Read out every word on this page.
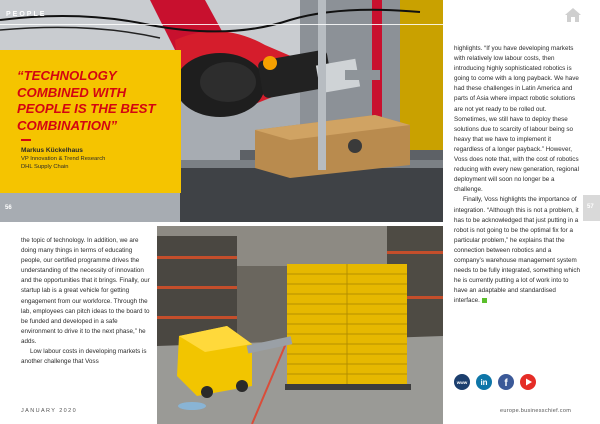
PEOPLE
“TECHNOLOGY COMBINED WITH PEOPLE IS THE BEST COMBINATION”
Markus Kückelhaus
VP Innovation & Trend Research
DHL Supply Chain
56	57

highlights. “If you have developing markets with relatively low labour costs, then introducing highly sophisticated robotics is going to come with a long payback. We have had these challenges in Latin America and parts of Asia where impact robotic solutions are not yet ready to be rolled out. Sometimes, we still have to deploy these solutions due to scarcity of labour being so heavy that we have to implement it regardless of a longer payback.” However, Voss does note that, with the cost of robotics reducing with every new generation, regional deployment will soon no longer be a challenge.

Finally, Voss highlights the importance of integration. “Although this is not a problem, it has to be acknowledged that just putting in a robot is not going to be the optimal fix for a particular problem,” he explains that the connection between robotics and a company’s warehouse management system needs to be fully integrated, something which he is currently putting a lot of work into to have an adaptable and standardised interface.

the topic of technology. In addition, we are doing many things in terms of educating people, our certified programme drives the understanding of the necessity of innovation and the opportunities that it brings. Finally, our startup lab is a great vehicle for getting engagement from our workforce. Through the lab, employees can pitch ideas to the board to be funded and developed in a safe environment to drive it to the next phase,” he adds.

Low labour costs in developing markets is another challenge that Voss

www in f
JANUARY 2020	europe.businesschief.com
